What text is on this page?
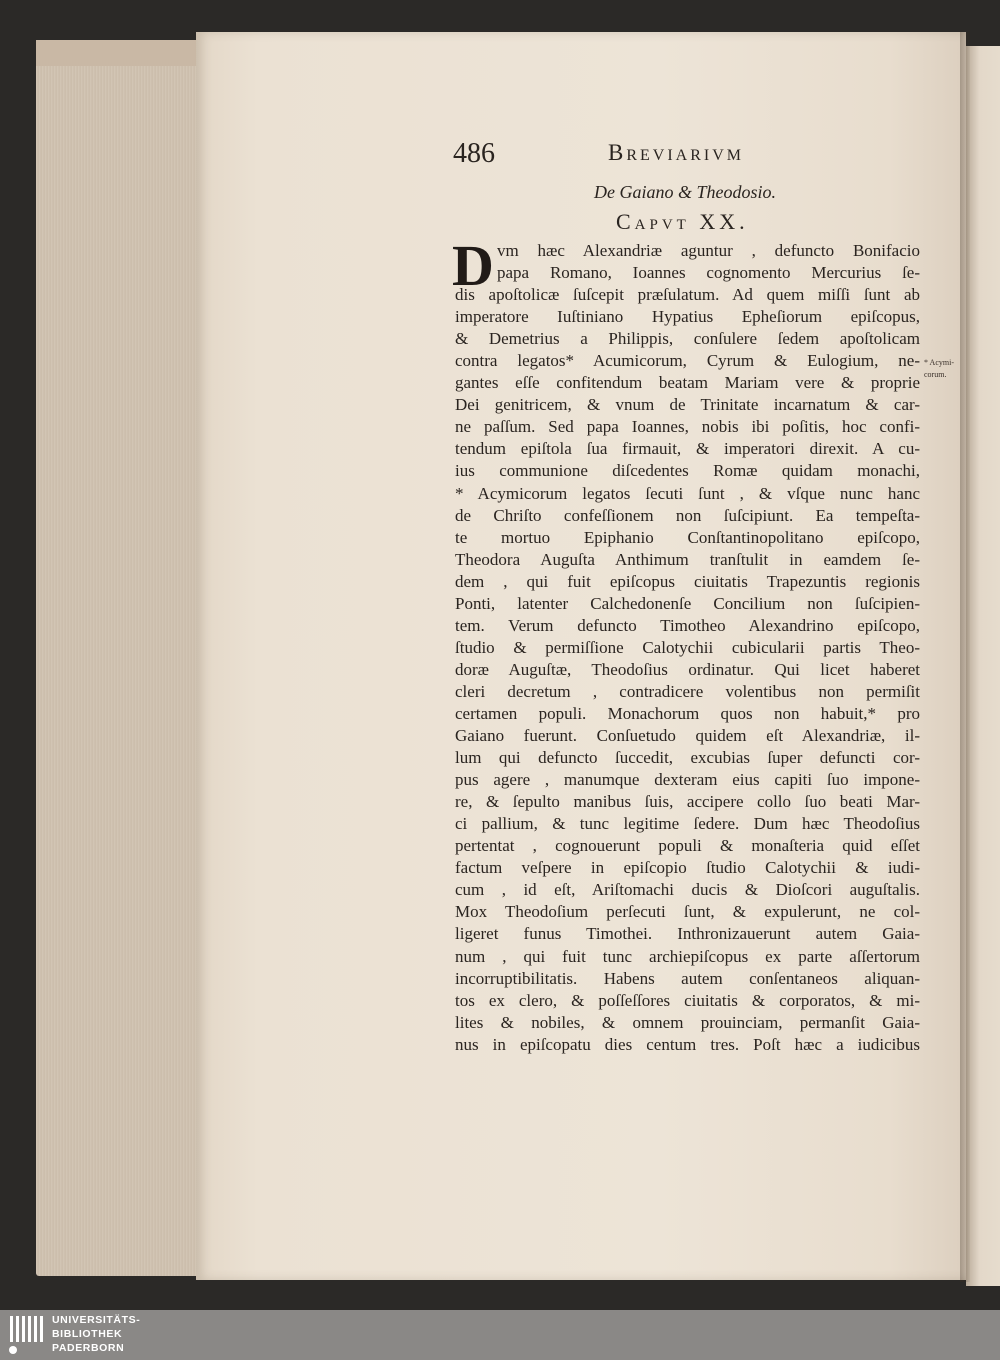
486	Breviarivm
De Gaiano & Theodosio.
Capvt XX.
D vm hæc Alexandriæ aguntur , defuncto Bonifacio
papa Romano, Ioannes cognomento Mercurius ſe-
dis apoſtolicæ ſuſcepit præſulatum. Ad quem miſſi ſunt ab
imperatore Iuſtiniano Hypatius Epheſiorum epiſcopus,
& Demetrius a Philippis, conſulere ſedem apoſtolicam
contra legatos* Acumicorum, Cyrum & Eulogium, ne-
gantes eſſe confitendum beatam Mariam vere & proprie
Dei genitricem, & vnum de Trinitate incarnatum & car-
ne paſſum. Sed papa Ioannes, nobis ibi poſitis, hoc confi-
tendum epiſtola ſua firmauit, & imperatori direxit. A cu-
ius communione diſcedentes Romæ quidam monachi,
* Acymicorum legatos ſecuti ſunt , & vſque nunc hanc
de Chriſto confeſſionem non ſuſcipiunt. Ea tempeſta-
te mortuo Epiphanio Conſtantinopolitano epiſcopo,
Theodora Auguſta Anthimum tranſtulit in eamdem ſe-
dem , qui fuit epiſcopus ciuitatis Trapezuntis regionis
Ponti, latenter Calchedonenſe Concilium non ſuſcipien-
tem. Verum defuncto Timotheo Alexandrino epiſcopo,
ſtudio & permiſſione Calotychii cubicularii partis Theo-
doræ Auguſtæ, Theodoſius ordinatur. Qui licet haberet
cleri decretum , contradicere volentibus non permiſit
certamen populi. Monachorum quos non habuit,* pro
Gaiano fuerunt. Conſuetudo quidem eſt Alexandriæ, il-
lum qui defuncto ſuccedit, excubias ſuper defuncti cor-
pus agere , manumque dexteram eius capiti ſuo impone-
re, & ſepulto manibus ſuis, accipere collo ſuo beati Mar-
ci pallium, & tunc legitime ſedere. Dum hæc Theodoſius
pertentat , cognouerunt populi & monaſteria quid eſſet
factum veſpere in epiſcopio ſtudio Calotychii & iudi-
cum , id eſt, Ariſtomachi ducis & Dioſcori auguſtalis.
Mox Theodoſium perſecuti ſunt, & expulerunt, ne col-
ligeret funus Timothei. Inthronizauerunt autem Gaia-
num , qui fuit tunc archiepiſcopus ex parte aſſertorum
incorruptibilitatis. Habens autem conſentaneos aliquan-
tos ex clero, & poſſeſſores ciuitatis & corporatos, & mi-
lites & nobiles, & omnem prouinciam, permanſit Gaia-
nus in epiſcopatu dies centum tres. Poſt hæc a iudicibus
* Acymi-
corum.
UNIVERSITÄTS-
BIBLIOTHEK
PADERBORN
